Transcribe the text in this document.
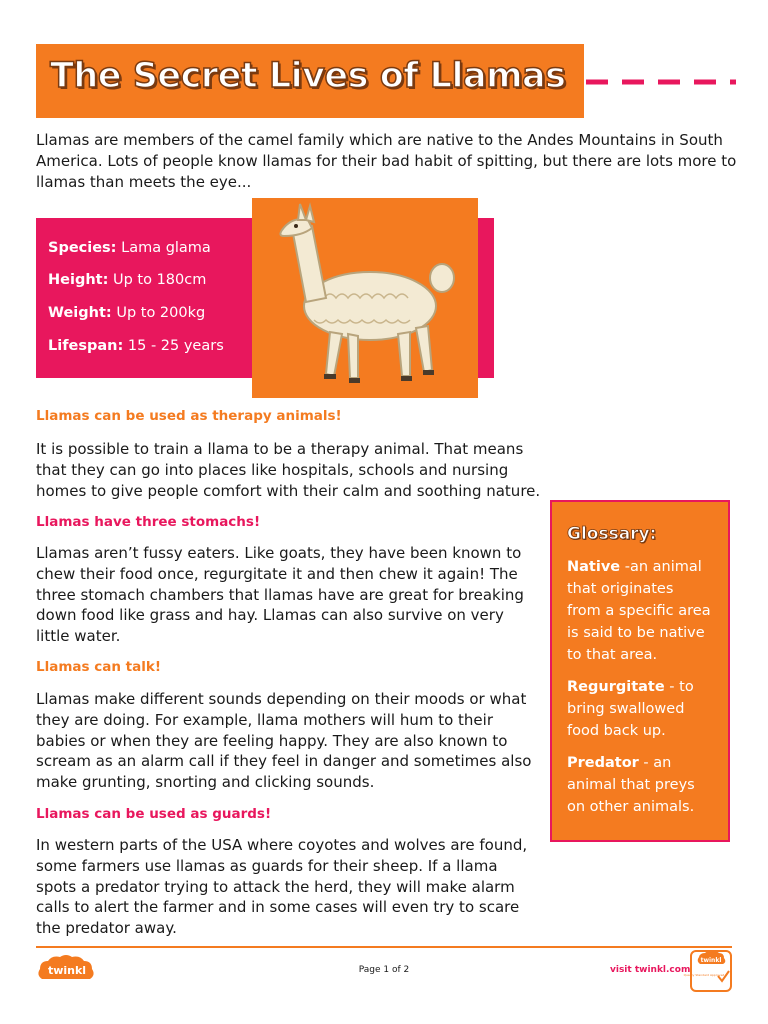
The Secret Lives of Llamas
Llamas are members of the camel family which are native to the Andes Mountains in South
America. Lots of people know llamas for their bad habit of spitting, but there are lots more to
llamas than meets the eye...
Species: Lama glama
Height: Up to 180cm
Weight: Up to 200kg
Lifespan: 15 - 25 years
Llamas can be used as therapy animals!
It is possible to train a llama to be a therapy animal. That means
that they can go into places like hospitals, schools and nursing
homes to give people comfort with their calm and soothing nature.
Llamas have three stomachs!
Llamas aren’t fussy eaters. Like goats, they have been known to
chew their food once, regurgitate it and then chew it again! The
three stomach chambers that llamas have are great for breaking
down food like grass and hay. Llamas can also survive on very
little water.
Llamas can talk!
Llamas make different sounds depending on their moods or what
they are doing. For example, llama mothers will hum to their
babies or when they are feeling happy. They are also known to
scream as an alarm call if they feel in danger and sometimes also
make grunting, snorting and clicking sounds.
Llamas can be used as guards!
In western parts of the USA where coyotes and wolves are found,
some farmers use llamas as guards for their sheep. If a llama
spots a predator trying to attack the herd, they will make alarm
calls to alert the farmer and in some cases will even try to scare
the predator away.
Glossary:
Native -an animal
that originates
from a specific area
is said to be native
to that area.
Regurgitate - to
bring swallowed
food back up.
Predator - an
animal that preys
on other animals.
twinkl	Page 1 of 2	visit twinkl.com
twinkl
Quality Standard Approved
